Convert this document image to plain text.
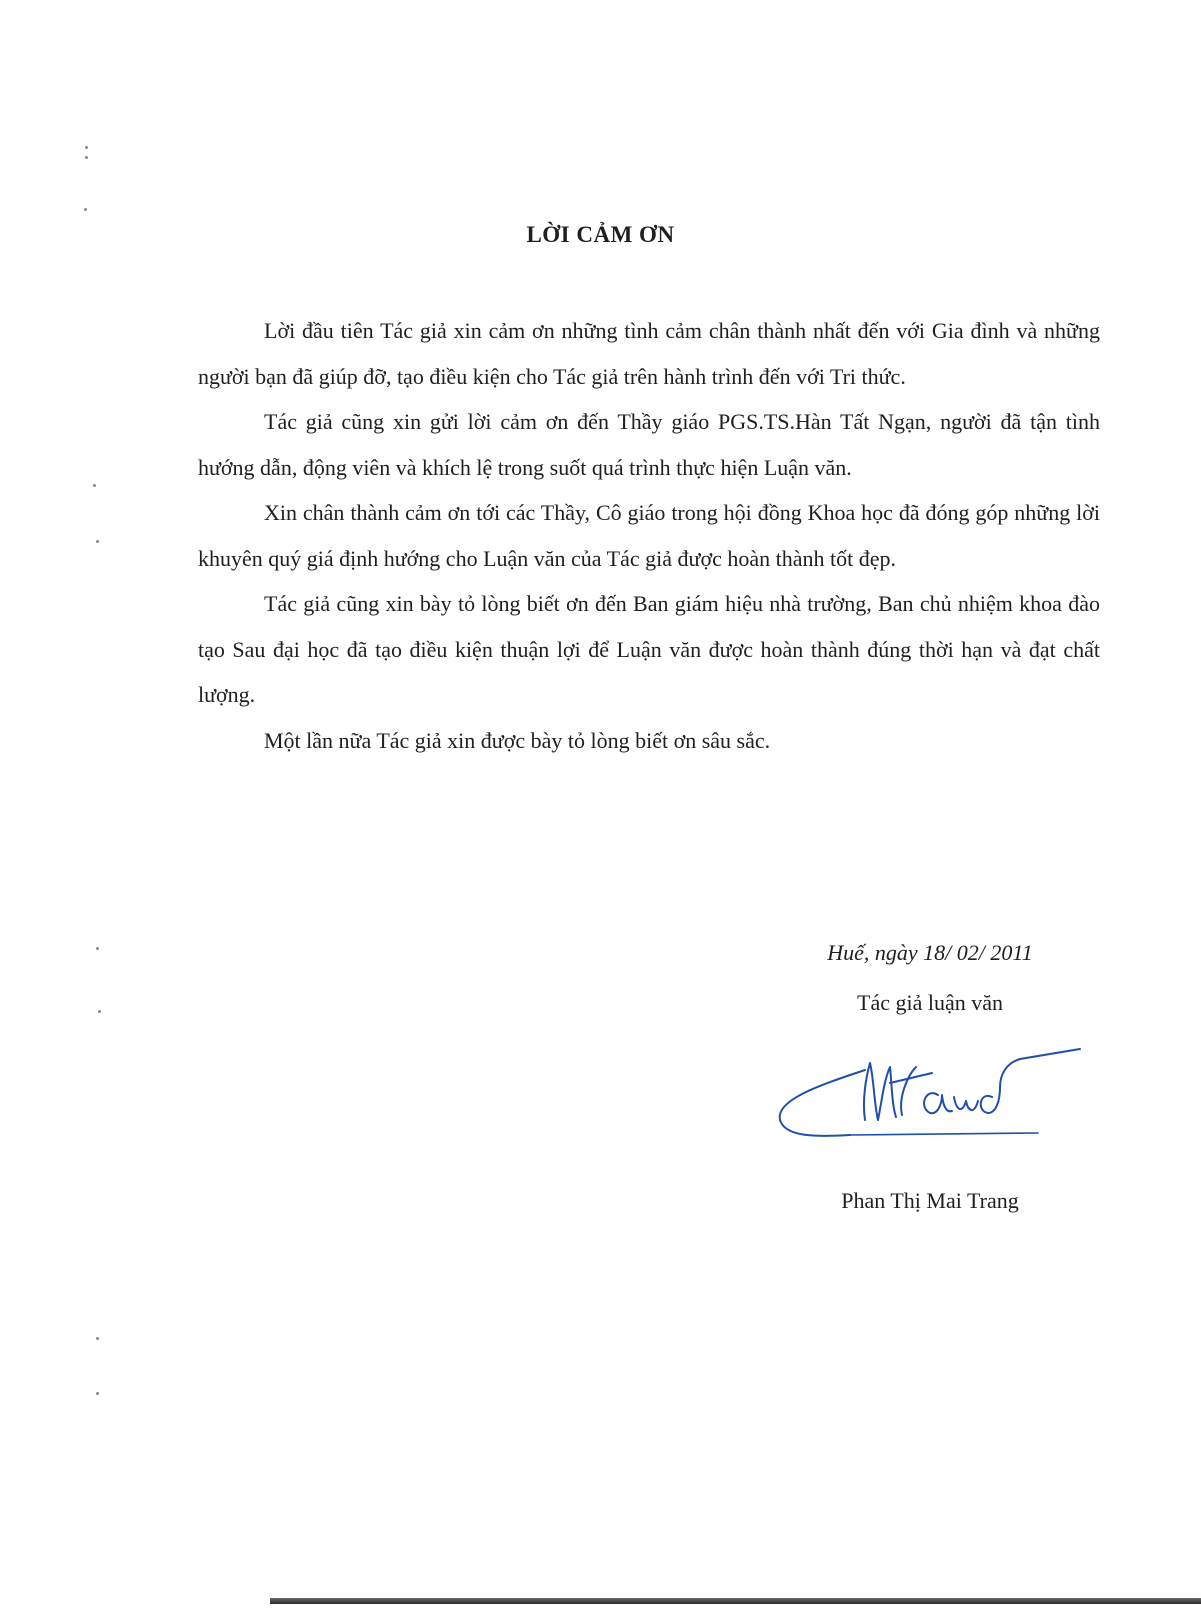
LỜI CẢM ƠN

Lời đầu tiên Tác giả xin cảm ơn những tình cảm chân thành nhất đến với Gia đình và những người bạn đã giúp đỡ, tạo điều kiện cho Tác giả trên hành trình đến với Tri thức.

Tác giả cũng xin gửi lời cảm ơn đến Thầy giáo PGS.TS.Hàn Tất Ngạn, người đã tận tình hướng dẫn, động viên và khích lệ trong suốt quá trình thực hiện Luận văn.

Xin chân thành cảm ơn tới các Thầy, Cô giáo trong hội đồng Khoa học đã đóng góp những lời khuyên quý giá định hướng cho Luận văn của Tác giả được hoàn thành tốt đẹp.

Tác giả cũng xin bày tỏ lòng biết ơn đến Ban giám hiệu nhà trường, Ban chủ nhiệm khoa đào tạo Sau đại học đã tạo điều kiện thuận lợi để Luận văn được hoàn thành đúng thời hạn và đạt chất lượng.

Một lần nữa Tác giả xin được bày tỏ lòng biết ơn sâu sắc.

Huế, ngày 18/ 02/ 2011
Tác giả luận văn
Phan Thị Mai Trang
